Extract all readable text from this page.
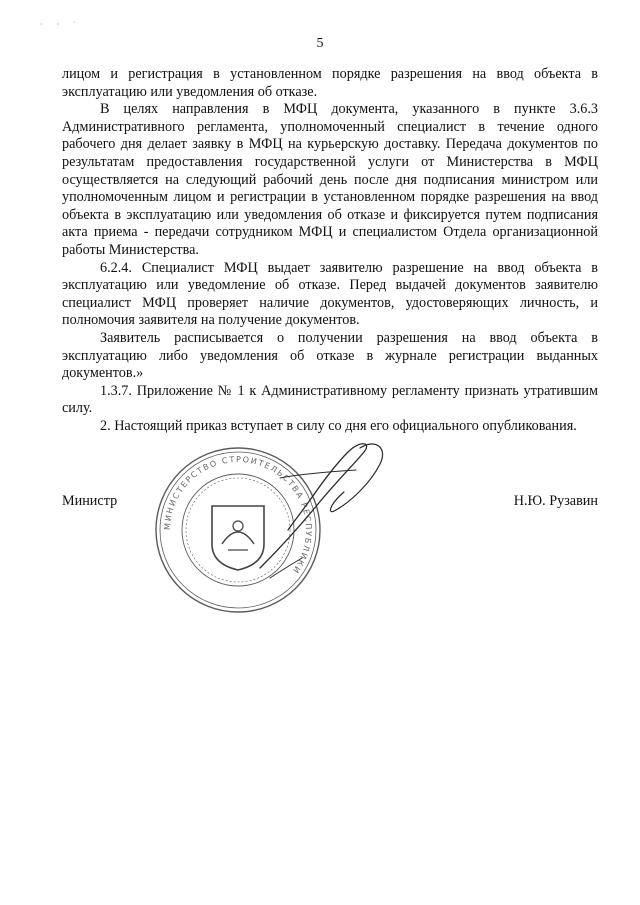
· · ˙
5

лицом и регистрация в установленном порядке разрешения на ввод объекта в эксплуатацию или уведомления об отказе.

В целях направления в МФЦ документа, указанного в пункте 3.6.3 Административного регламента, уполномоченный специалист в течение одного рабочего дня делает заявку в МФЦ на курьерскую доставку. Передача документов по результатам предоставления государственной услуги от Министерства в МФЦ осуществляется на следующий рабочий день после дня подписания министром или уполномоченным лицом и регистрации в установленном порядке разрешения на ввод объекта в эксплуатацию или уведомления об отказе и фиксируется путем подписания акта приема - передачи сотрудником МФЦ и специалистом Отдела организационной работы Министерства.

6.2.4. Специалист МФЦ выдает заявителю разрешение на ввод объекта в эксплуатацию или уведомление об отказе. Перед выдачей документов заявителю специалист МФЦ проверяет наличие документов, удостоверяющих личность, и полномочия заявителя на получение документов.

Заявитель расписывается о получении разрешения на ввод объекта в эксплуатацию либо уведомления об отказе в журнале регистрации выданных документов.»

1.3.7. Приложение № 1 к Административному регламенту признать утратившим силу.

2. Настоящий приказ вступает в силу со дня его официального опубликования.

Министр	Н.Ю. Рузавин
МИНИСТЕРСТВО СТРОИТЕЛЬСТВА РЕСПУБЛИКИ
